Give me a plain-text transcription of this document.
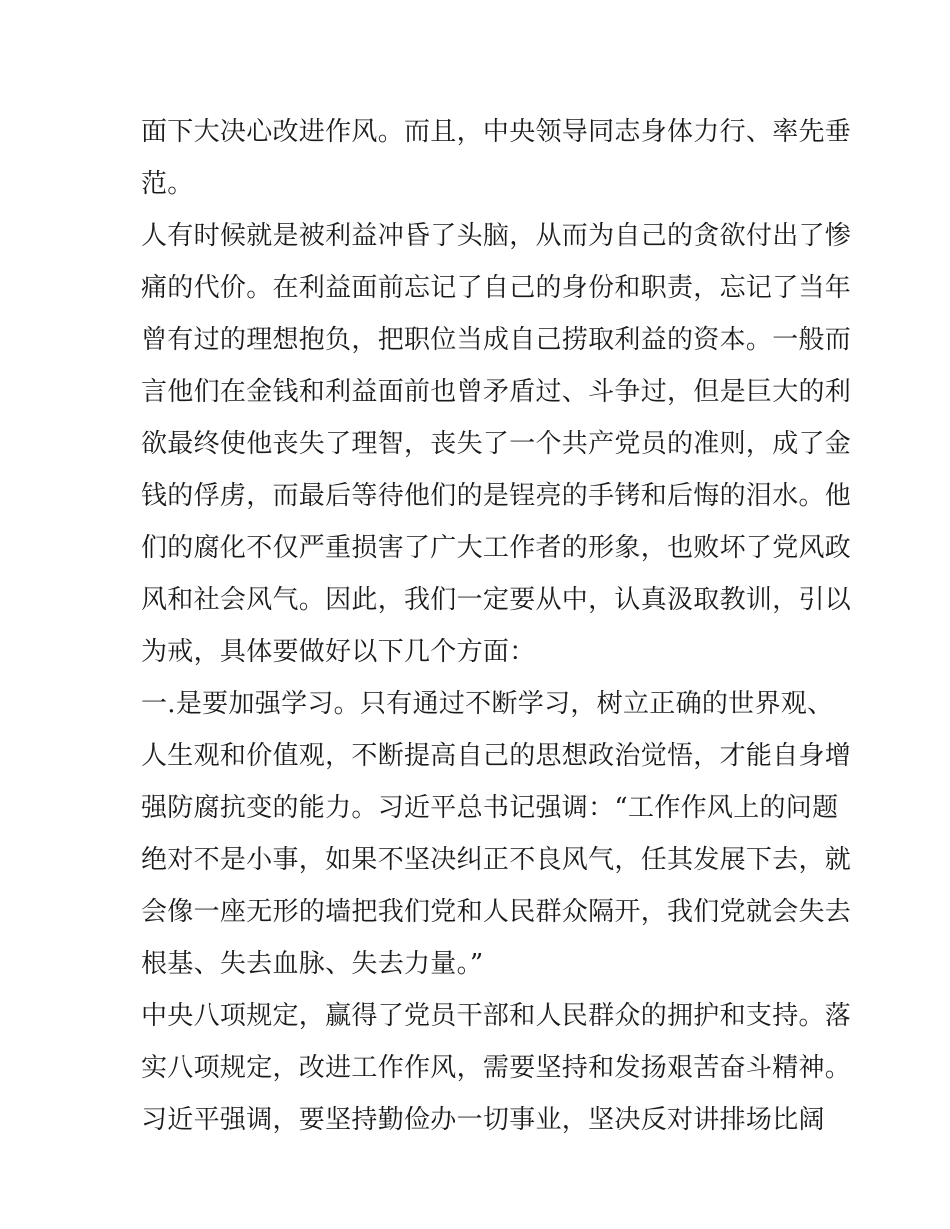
面下大决心改进作风。而且，中央领导同志身体力行、率先垂
范。
人有时候就是被利益冲昏了头脑，从而为自己的贪欲付出了惨
痛的代价。在利益面前忘记了自己的身份和职责，忘记了当年
曾有过的理想抱负，把职位当成自己捞取利益的资本。一般而
言他们在金钱和利益面前也曾矛盾过、斗争过，但是巨大的利
欲最终使他丧失了理智，丧失了一个共产党员的准则，成了金
钱的俘虏，而最后等待他们的是锃亮的手铐和后悔的泪水。他
们的腐化不仅严重损害了广大工作者的形象，也败坏了党风政
风和社会风气。因此，我们一定要从中，认真汲取教训，引以
为戒，具体要做好以下几个方面：
一.是要加强学习。只有通过不断学习，树立正确的世界观、
人生观和价值观，不断提高自己的思想政治觉悟，才能自身增
强防腐抗变的能力。习近平总书记强调：“工作作风上的问题
绝对不是小事，如果不坚决纠正不良风气，任其发展下去，就
会像一座无形的墙把我们党和人民群众隔开，我们党就会失去
根基、失去血脉、失去力量。”
中央八项规定，赢得了党员干部和人民群众的拥护和支持。落
实八项规定，改进工作作风，需要坚持和发扬艰苦奋斗精神。
习近平强调，要坚持勤俭办一切事业，坚决反对讲排场比阔
